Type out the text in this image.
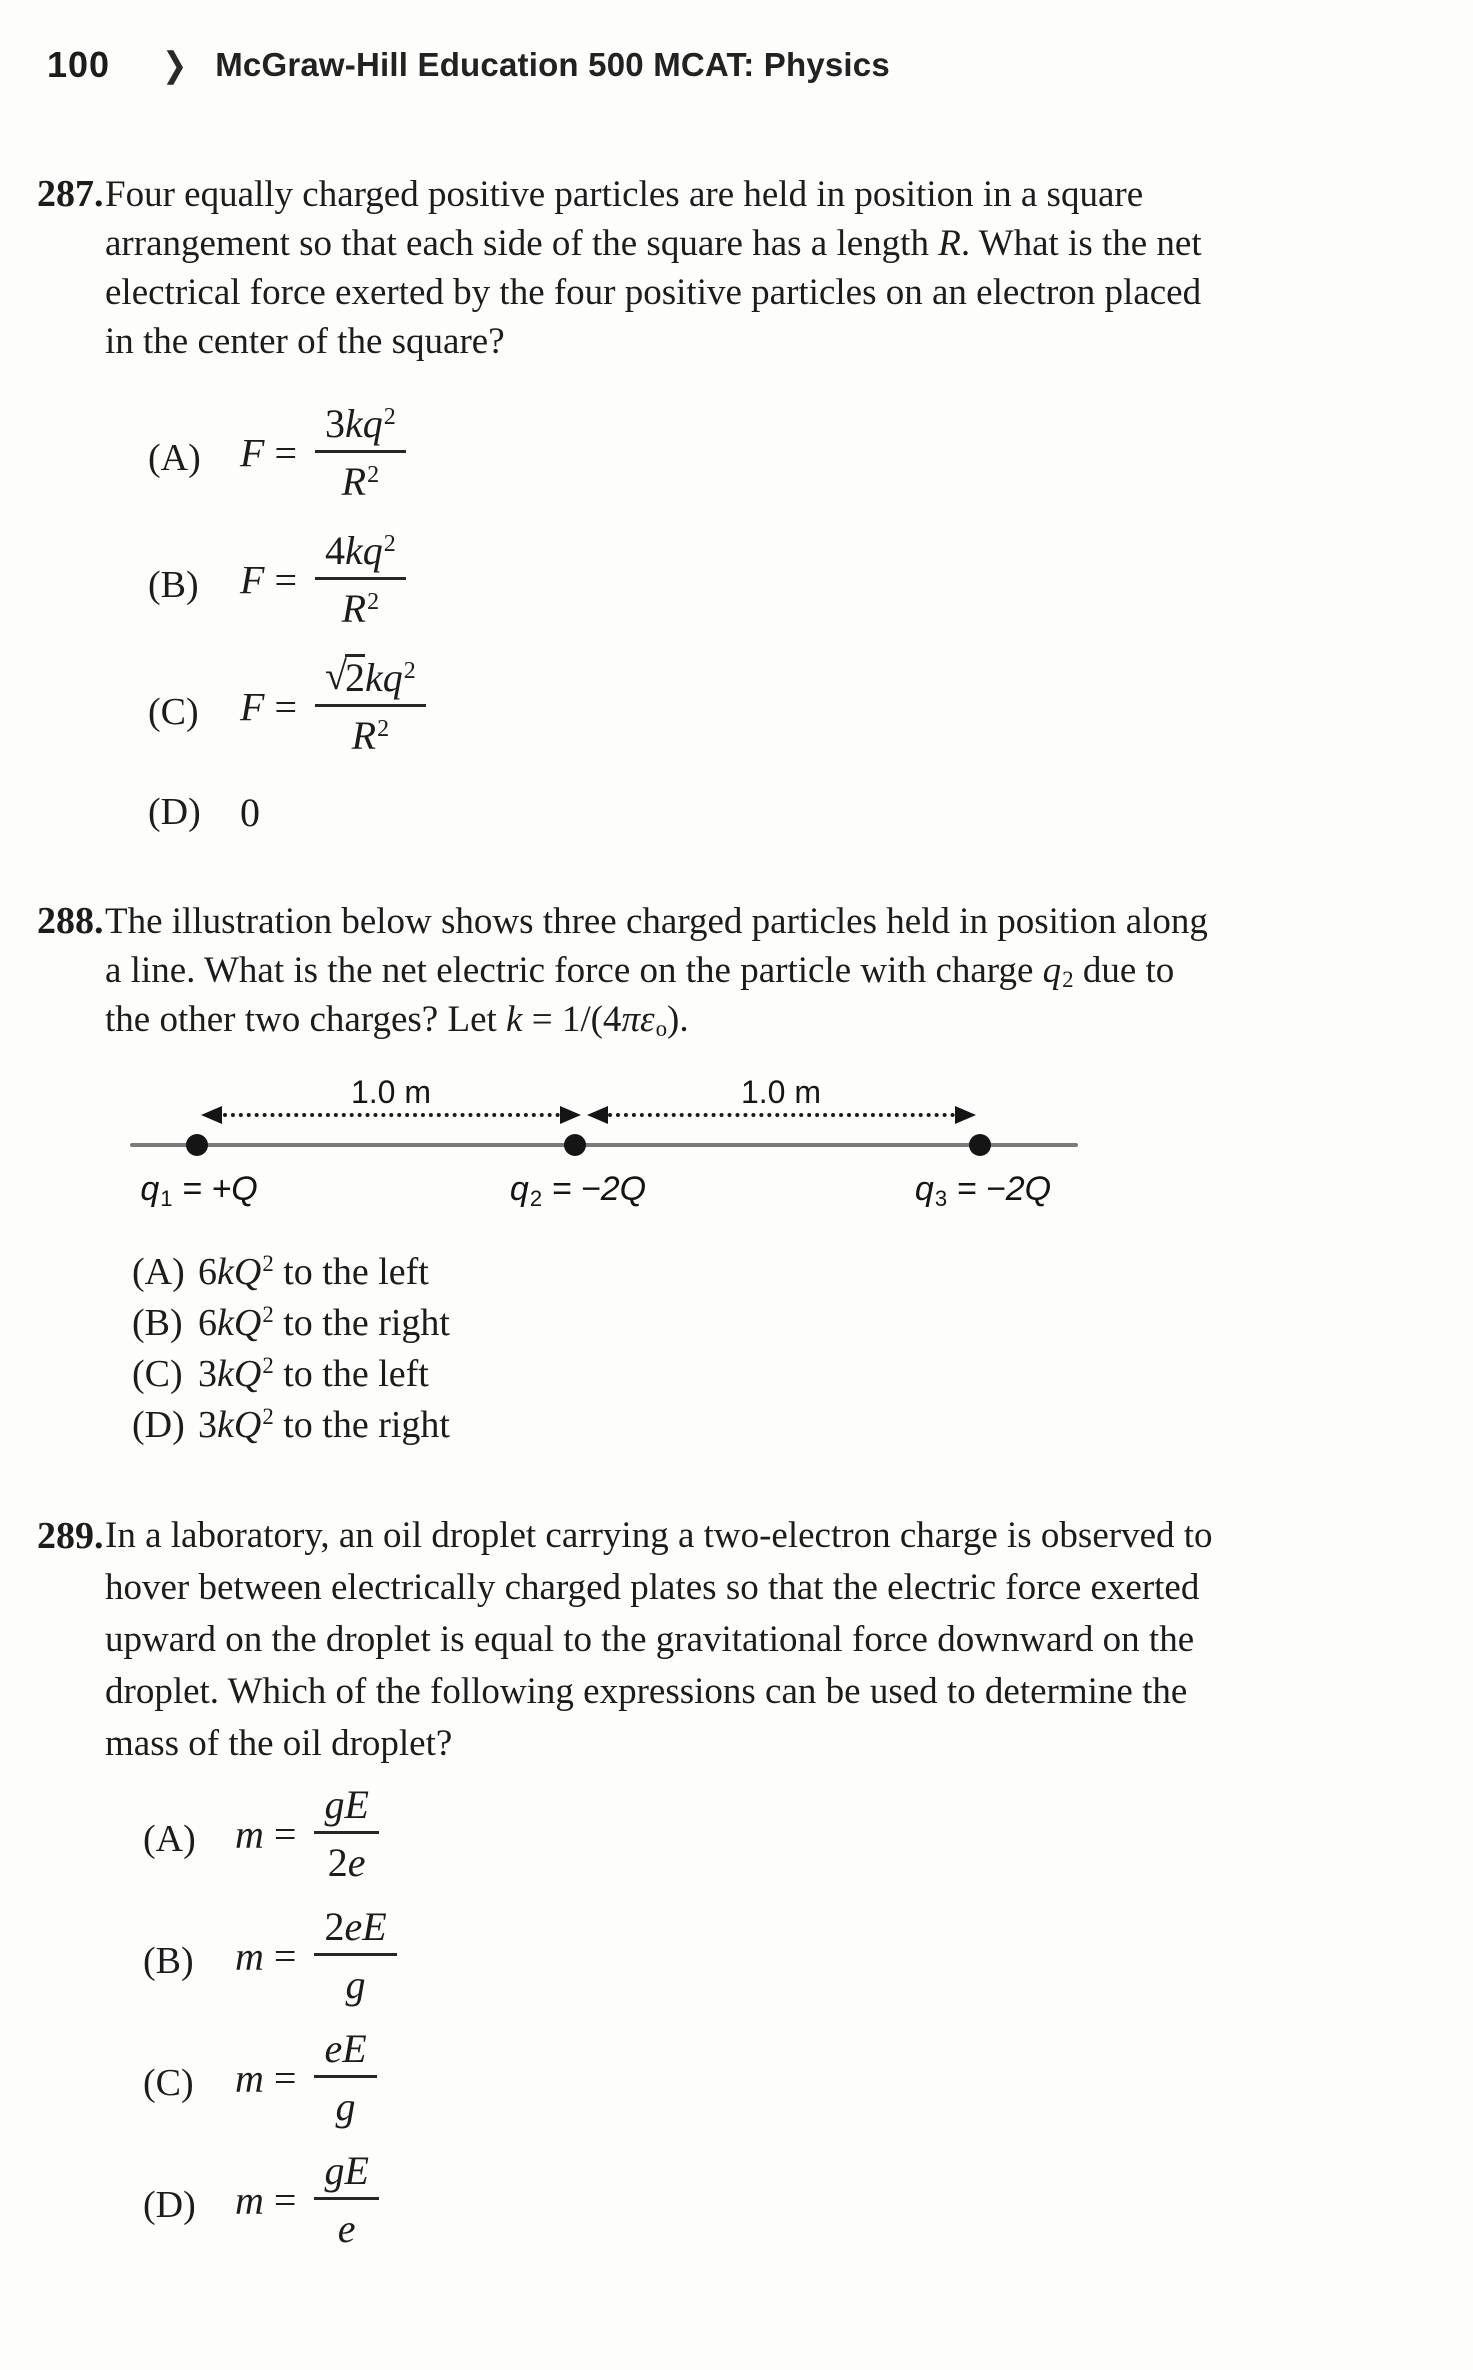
100 ❯ McGraw-Hill Education 500 MCAT: Physics
287. Four equally charged positive particles are held in position in a square
arrangement so that each side of the square has a length R. What is the net
electrical force exerted by the four positive particles on an electron placed
in the center of the square?
(A) $F = \frac{3kq^2}{R^2}$
(B)	$F = \frac{4kq^2}{R^2}$
(C)	$F = \frac{√2kq^2}{R^2}$
(D) 0
288. The illustration below shows three charged particles held in position along
a line. What is the net electric force on the particle with charge q2 due to
the other two charges? Let k = 1/(4πεo).
1.0 m	1.0 m
q1 = +Q	q2 = −2Q	q3 = −2Q
(A) $6kQ^2$ to the left
(B) $6kQ^2$ to the right
(C) $3kQ^2$ to the left
(D) $3kQ^2$ to the right
289. In a laboratory, an oil droplet carrying a two-electron charge is observed to
hover between electrically charged plates so that the electric force exerted
upward on the droplet is equal to the gravitational force downward on the
droplet. Which of the following expressions can be used to determine the
mass of the oil droplet?
(A) $m = \frac{gE}{2e}$
(B)	$m = \frac{2eE}{g}$
(C)	$m = \frac{eE}{g}$
(D) $m = \frac{gE}{e}$
